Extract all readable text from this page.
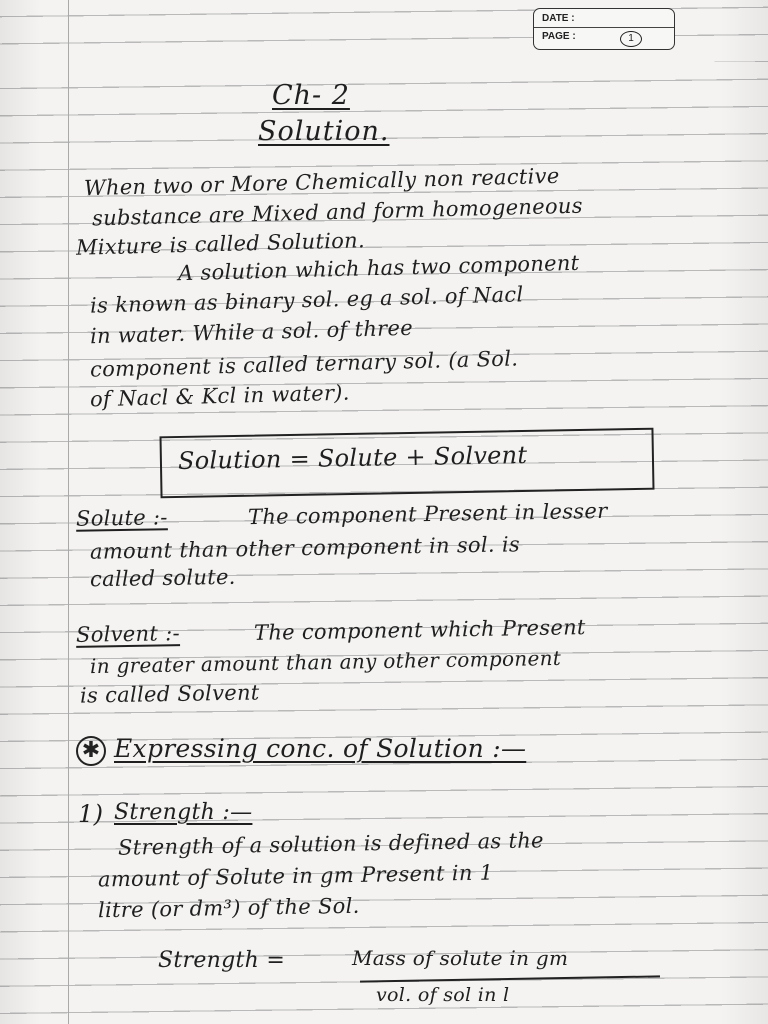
DATE :
PAGE :	1
Ch- 2
Solution.
When two or More Chemically non reactive
substance are Mixed and form homogeneous
Mixture is called Solution.
A solution which has two component
is known as binary sol. eg a sol. of Nacl
in water. While a sol. of three
component is called ternary sol. (a Sol.
of Nacl & Kcl in water).
Solution = Solute + Solvent
Solute :-	The component Present in lesser
amount than other component in sol. is
called solute.
Solvent :-	The component which Present
in greater amount than any other component
is called Solvent
✱ Expressing conc. of Solution :—
1) Strength :—
Strength of a solution is defined as the
amount of Solute in gm Present in 1
litre (or dm³) of the Sol.
Strength =	Mass of solute in gm
vol. of sol in l
